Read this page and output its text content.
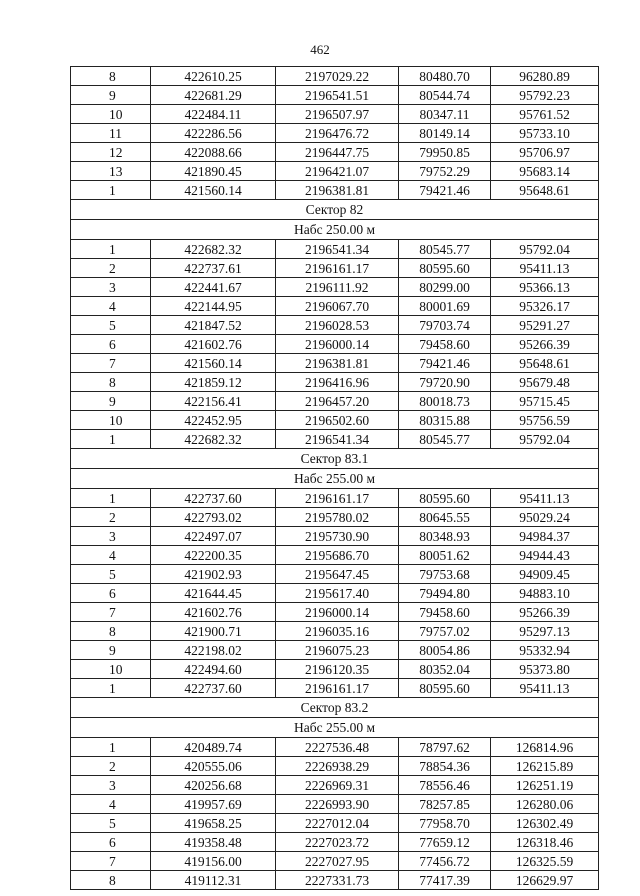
462
8	422610.25	2197029.22	80480.70	96280.89
9	422681.29	2196541.51	80544.74	95792.23
10	422484.11	2196507.97	80347.11	95761.52
11	422286.56	2196476.72	80149.14	95733.10
12	422088.66	2196447.75	79950.85	95706.97
13	421890.45	2196421.07	79752.29	95683.14
1	421560.14	2196381.81	79421.46	95648.61
Сектор 82				
Набс 250.00 м				
1	422682.32	2196541.34	80545.77	95792.04
2	422737.61	2196161.17	80595.60	95411.13
3	422441.67	2196111.92	80299.00	95366.13
4	422144.95	2196067.70	80001.69	95326.17
5	421847.52	2196028.53	79703.74	95291.27
6	421602.76	2196000.14	79458.60	95266.39
7	421560.14	2196381.81	79421.46	95648.61
8	421859.12	2196416.96	79720.90	95679.48
9	422156.41	2196457.20	80018.73	95715.45
10	422452.95	2196502.60	80315.88	95756.59
1	422682.32	2196541.34	80545.77	95792.04
Сектор 83.1				
Набс 255.00 м				
1	422737.60	2196161.17	80595.60	95411.13
2	422793.02	2195780.02	80645.55	95029.24
3	422497.07	2195730.90	80348.93	94984.37
4	422200.35	2195686.70	80051.62	94944.43
5	421902.93	2195647.45	79753.68	94909.45
6	421644.45	2195617.40	79494.80	94883.10
7	421602.76	2196000.14	79458.60	95266.39
8	421900.71	2196035.16	79757.02	95297.13
9	422198.02	2196075.23	80054.86	95332.94
10	422494.60	2196120.35	80352.04	95373.80
1	422737.60	2196161.17	80595.60	95411.13
Сектор 83.2				
Набс 255.00 м				
1	420489.74	2227536.48	78797.62	126814.96
2	420555.06	2226938.29	78854.36	126215.89
3	420256.68	2226969.31	78556.46	126251.19
4	419957.69	2226993.90	78257.85	126280.06
5	419658.25	2227012.04	77958.70	126302.49
6	419358.48	2227023.72	77659.12	126318.46
7	419156.00	2227027.95	77456.72	126325.59
8	419112.31	2227331.73	77417.39	126629.97
